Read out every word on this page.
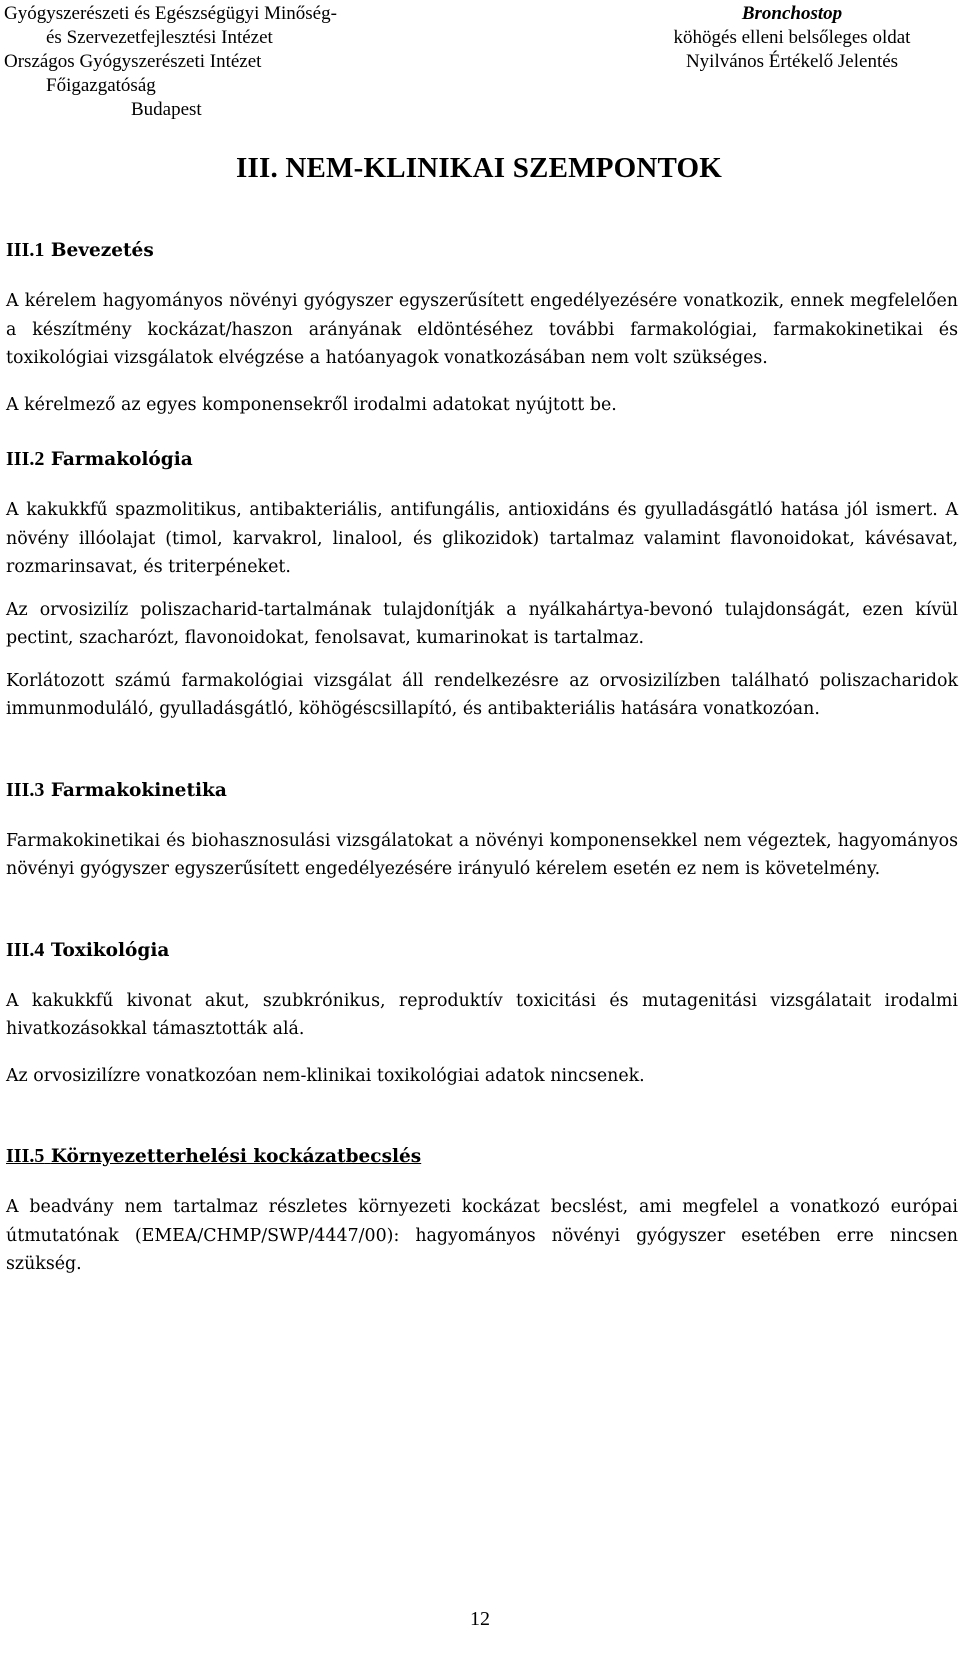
Gyógyszerészeti és Egészségügyi Minőség-
és Szervezetfejlesztési Intézet
Országos Gyógyszerészeti Intézet
Főigazgatóság
Budapest
Bronchostop
köhögés elleni belsőleges oldat
Nyilvános Értékelő Jelentés
III. NEM-KLINIKAI SZEMPONTOK
III.1 Bevezetés

A kérelem hagyományos növényi gyógyszer egyszerűsített engedélyezésére vonatkozik, ennek megfelelően a készítmény kockázat/haszon arányának eldöntéséhez további farmakológiai, farmakokinetikai és toxikológiai vizsgálatok elvégzése a hatóanyagok vonatkozásában nem volt szükséges.

A kérelmező az egyes komponensekről irodalmi adatokat nyújtott be.

III.2 Farmakológia

A kakukkfű spazmolitikus, antibakteriális, antifungális, antioxidáns és gyulladásgátló hatása jól ismert. A növény illóolajat (timol, karvakrol, linalool, és glikozidok) tartalmaz valamint flavonoidokat, kávésavat, rozmarinsavat, és triterpéneket.

Az orvosizilíz poliszacharid-tartalmának tulajdonítják a nyálkahártya-bevonó tulajdonságát, ezen kívül pectint, szacharózt, flavonoidokat, fenolsavat, kumarinokat is tartalmaz.

Korlátozott számú farmakológiai vizsgálat áll rendelkezésre az orvosizilízben található poliszacharidok immunmoduláló, gyulladásgátló, köhögéscsillapító, és antibakteriális hatására vonatkozóan.

III.3 Farmakokinetika

Farmakokinetikai és biohasznosulási vizsgálatokat a növényi komponensekkel nem végeztek, hagyományos növényi gyógyszer egyszerűsített engedélyezésére irányuló kérelem esetén ez nem is követelmény.

III.4 Toxikológia

A kakukkfű kivonat akut, szubkrónikus, reproduktív toxicitási és mutagenitási vizsgálatait irodalmi hivatkozásokkal támasztották alá.

Az orvosizilízre vonatkozóan nem-klinikai toxikológiai adatok nincsenek.

III.5 Környezetterhelési kockázatbecslés

A beadvány nem tartalmaz részletes környezeti kockázat becslést, ami megfelel a vonatkozó európai útmutatónak (EMEA/CHMP/SWP/4447/00): hagyományos növényi gyógyszer esetében erre nincsen szükség.

12
